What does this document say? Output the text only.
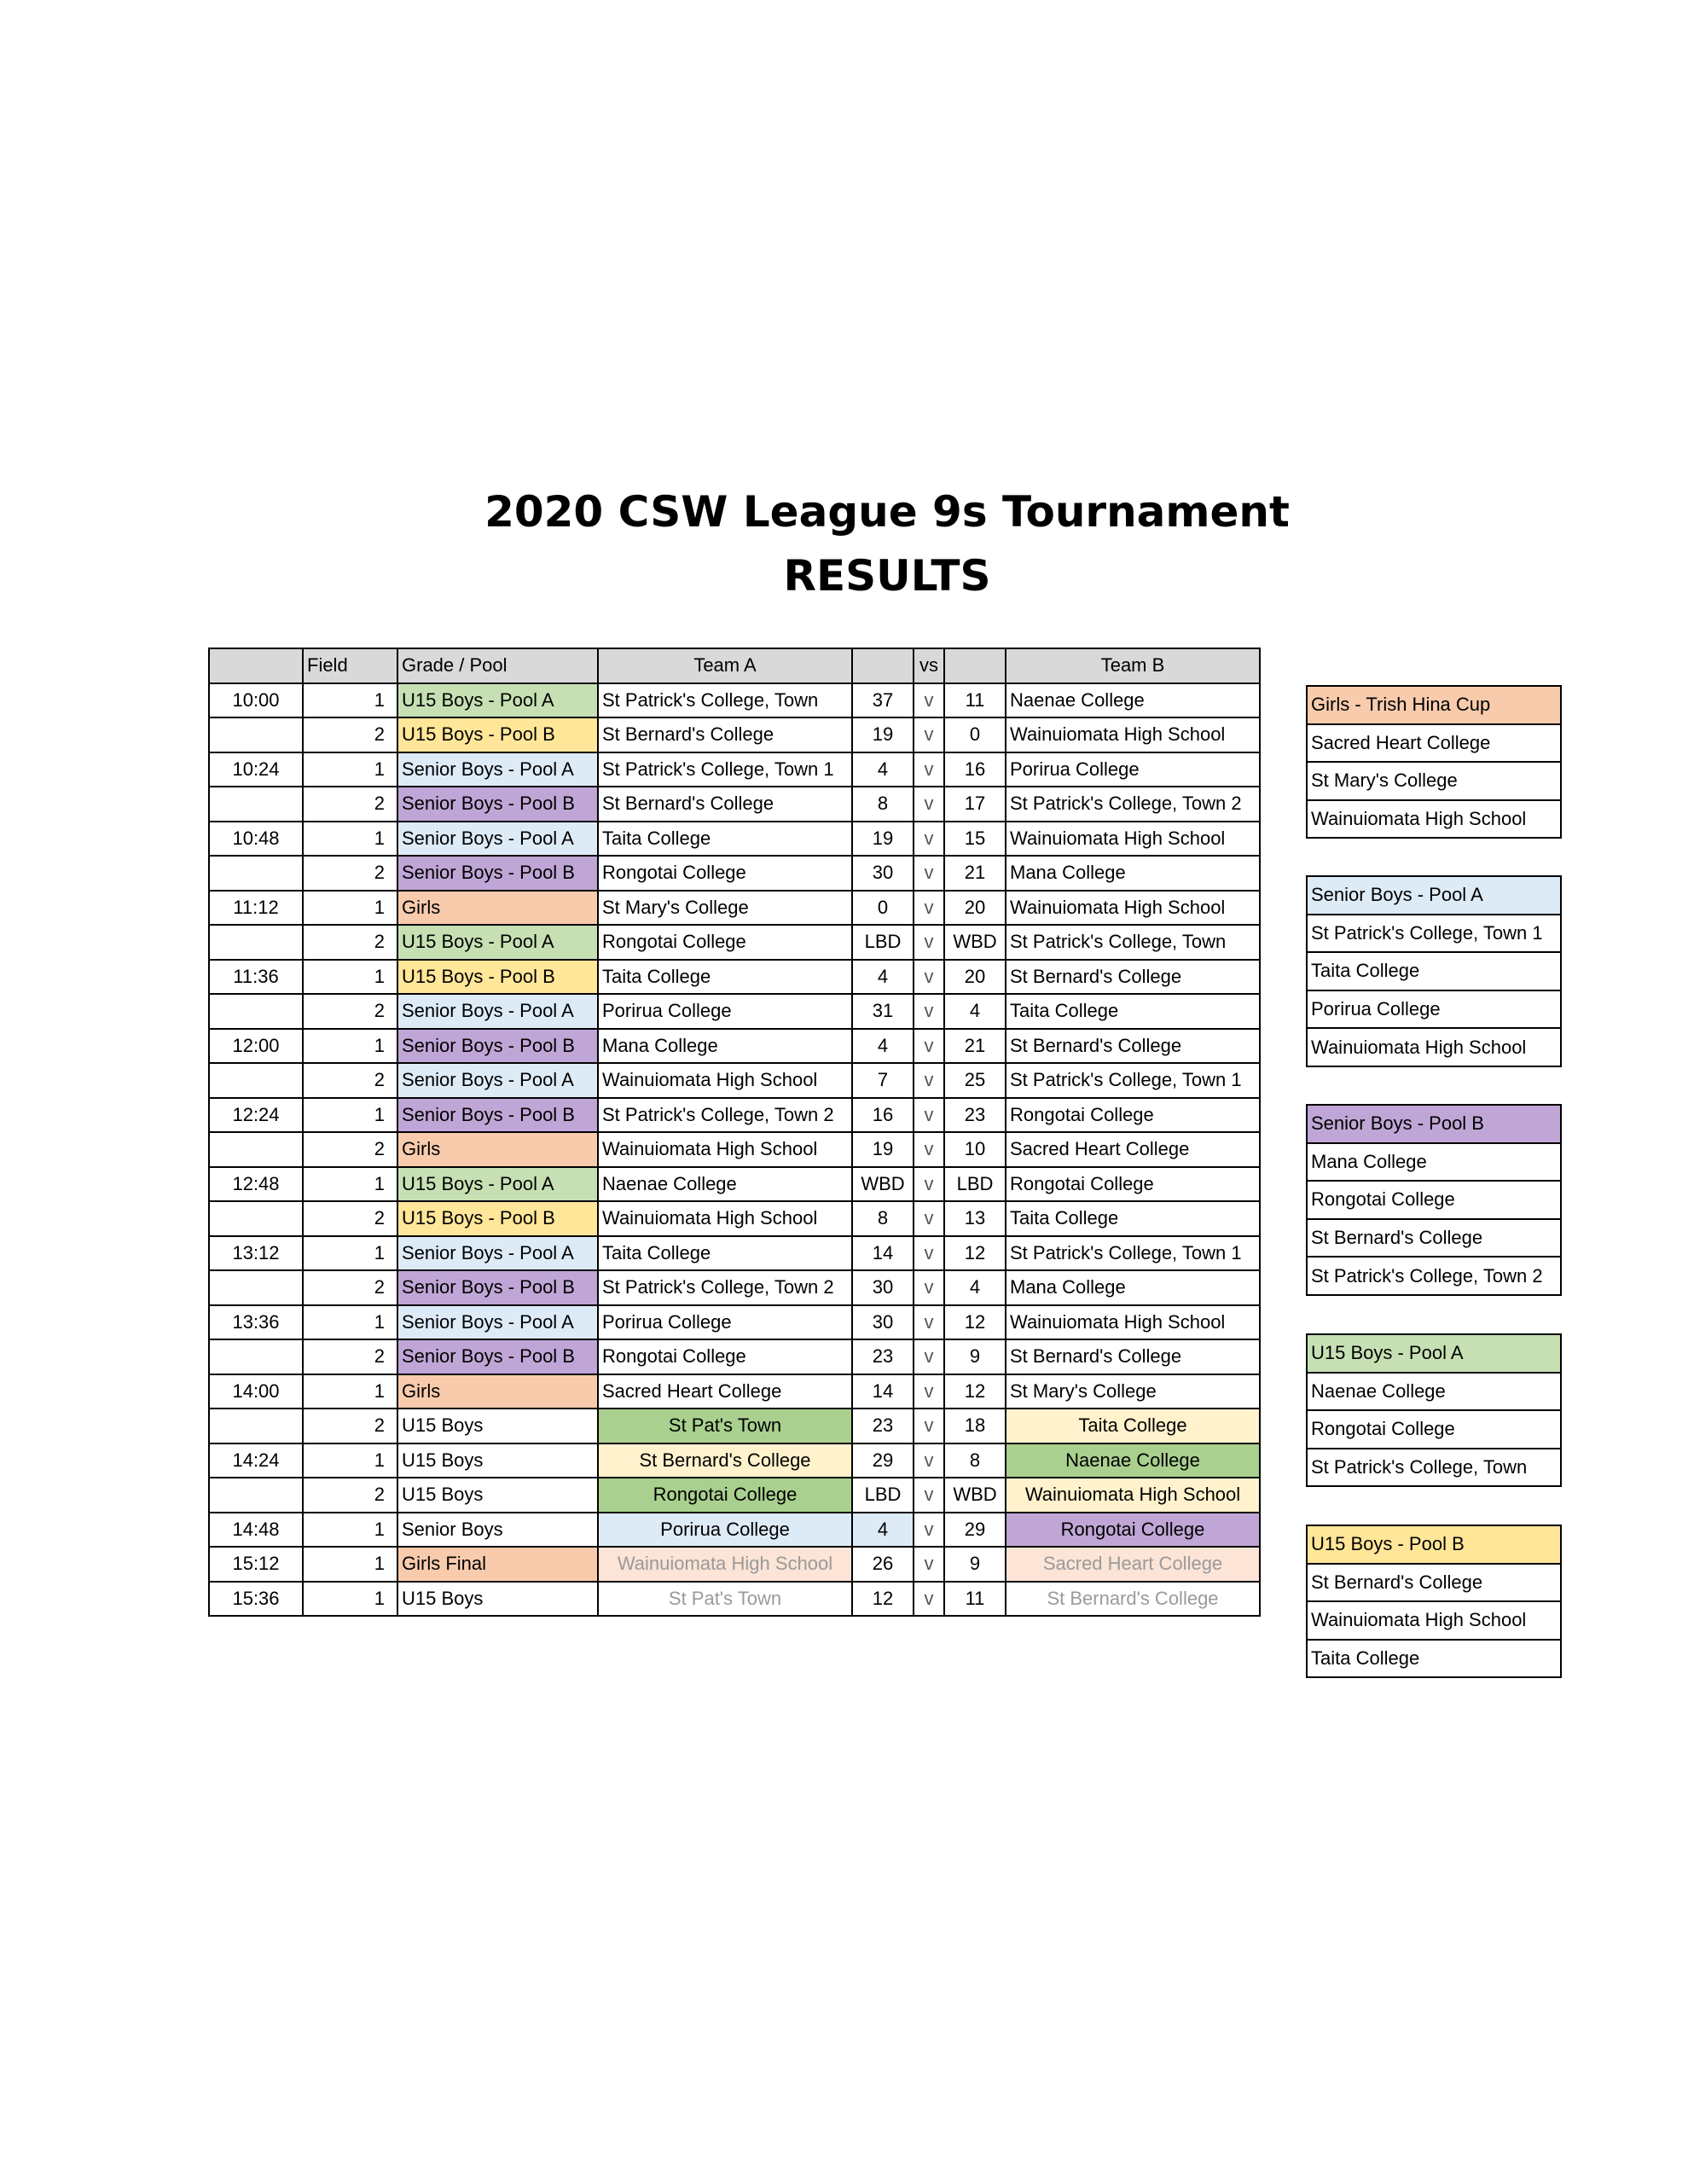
2020 CSW League 9s Tournament
RESULTS
	Field	Grade / Pool	Team A		vs		Team B
10:00	1	U15 Boys - Pool A	St Patrick's College, Town	37	v	11	Naenae College
	2	U15 Boys - Pool B	St Bernard's College	19	v	0	Wainuiomata High School
10:24	1	Senior Boys - Pool A	St Patrick's College, Town 1	4	v	16	Porirua College
	2	Senior Boys - Pool B	St Bernard's College	8	v	17	St Patrick's College, Town 2
10:48	1	Senior Boys - Pool A	Taita College	19	v	15	Wainuiomata High School
	2	Senior Boys - Pool B	Rongotai College	30	v	21	Mana College
11:12	1	Girls	St Mary's College	0	v	20	Wainuiomata High School
	2	U15 Boys - Pool A	Rongotai College	LBD	v	WBD	St Patrick's College, Town
11:36	1	U15 Boys - Pool B	Taita College	4	v	20	St Bernard's College
	2	Senior Boys - Pool A	Porirua College	31	v	4	Taita College
12:00	1	Senior Boys - Pool B	Mana College	4	v	21	St Bernard's College
	2	Senior Boys - Pool A	Wainuiomata High School	7	v	25	St Patrick's College, Town 1
12:24	1	Senior Boys - Pool B	St Patrick's College, Town 2	16	v	23	Rongotai College
	2	Girls	Wainuiomata High School	19	v	10	Sacred Heart College
12:48	1	U15 Boys - Pool A	Naenae College	WBD	v	LBD	Rongotai College
	2	U15 Boys - Pool B	Wainuiomata High School	8	v	13	Taita College
13:12	1	Senior Boys - Pool A	Taita College	14	v	12	St Patrick's College, Town 1
	2	Senior Boys - Pool B	St Patrick's College, Town 2	30	v	4	Mana College
13:36	1	Senior Boys - Pool A	Porirua College	30	v	12	Wainuiomata High School
	2	Senior Boys - Pool B	Rongotai College	23	v	9	St Bernard's College
14:00	1	Girls	Sacred Heart College	14	v	12	St Mary's College
	2	U15 Boys	St Pat's Town	23	v	18	Taita College
14:24	1	U15 Boys	St Bernard's College	29	v	8	Naenae College
	2	U15 Boys	Rongotai College	LBD	v	WBD	Wainuiomata High School
14:48	1	Senior Boys	Porirua College	4	v	29	Rongotai College
15:12	1	Girls Final	Wainuiomata High School	26	v	9	Sacred Heart College
15:36	1	U15 Boys	St Pat's Town	12	v	11	St Bernard's College
Girls - Trish Hina Cup
Sacred Heart College
St Mary's College
Wainuiomata High School
Senior Boys - Pool A
St Patrick's College, Town 1
Taita College
Porirua College
Wainuiomata High School
Senior Boys - Pool B
Mana College
Rongotai College
St Bernard's College
St Patrick's College, Town 2
U15 Boys - Pool A
Naenae College
Rongotai College
St Patrick's College, Town
U15 Boys - Pool B
St Bernard's College
Wainuiomata High School
Taita College
